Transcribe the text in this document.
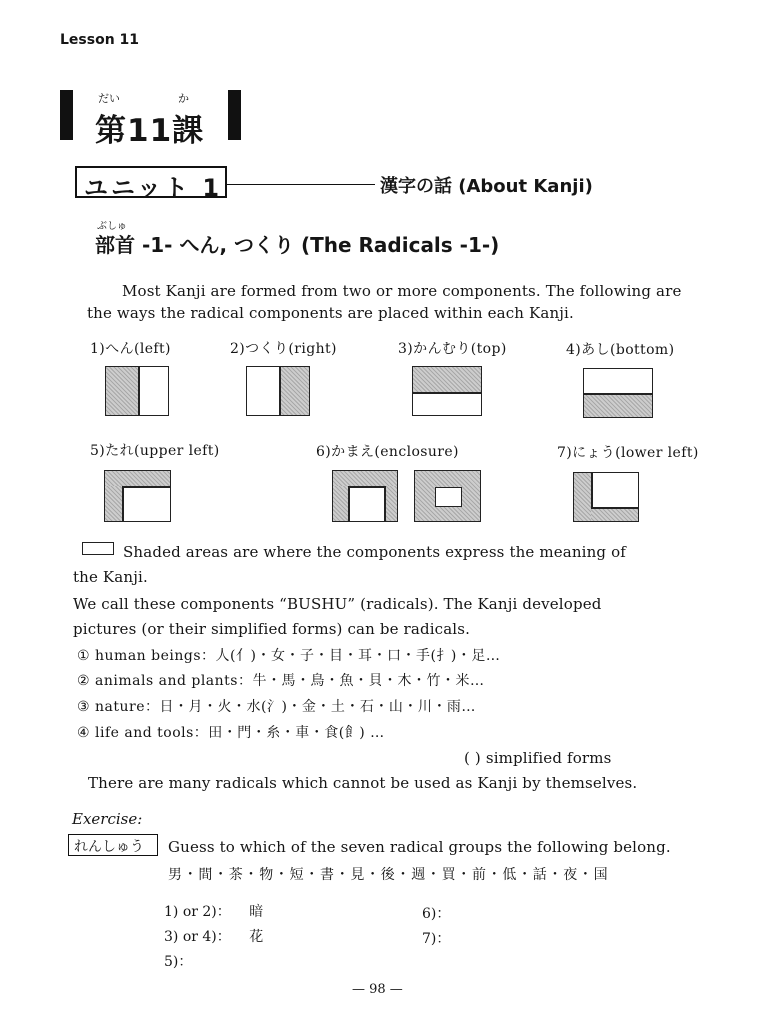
Lesson 11
だい	か
第11課
ユニット 1	漢字の話 (About Kanji)
ぶしゅ
部首 -1- へん, つくり (The Radicals -1-)
Most Kanji are formed from two or more components. The following are
the ways the radical components are placed within each Kanji.
1)へん(left)	2)つくり(right)	3)かんむり(top)	4)あし(bottom)
5)たれ(upper left)	6)かまえ(enclosure)	7)にょう(lower left)
Shaded areas are where the components express the meaning of
the Kanji.
We call these components “BUSHU” (radicals). The Kanji developed
pictures (or their simplified forms) can be radicals.
① human beings：人(亻)・女・子・目・耳・口・手(扌)・足…
② animals and plants：牛・馬・鳥・魚・貝・木・竹・米…
③ nature：日・月・火・水(氵)・金・土・石・山・川・雨…
④ life and tools：田・門・糸・車・食(飠) …
( ) simplified forms
There are many radicals which cannot be used as Kanji by themselves.
Exercise:
れんしゅう Guess to which of the seven radical groups the following belong.
男・間・茶・物・短・書・見・後・週・買・前・低・話・夜・国
1) or 2)： 暗
3) or 4)： 花
5)：
6)：
7)：
— 98 —
